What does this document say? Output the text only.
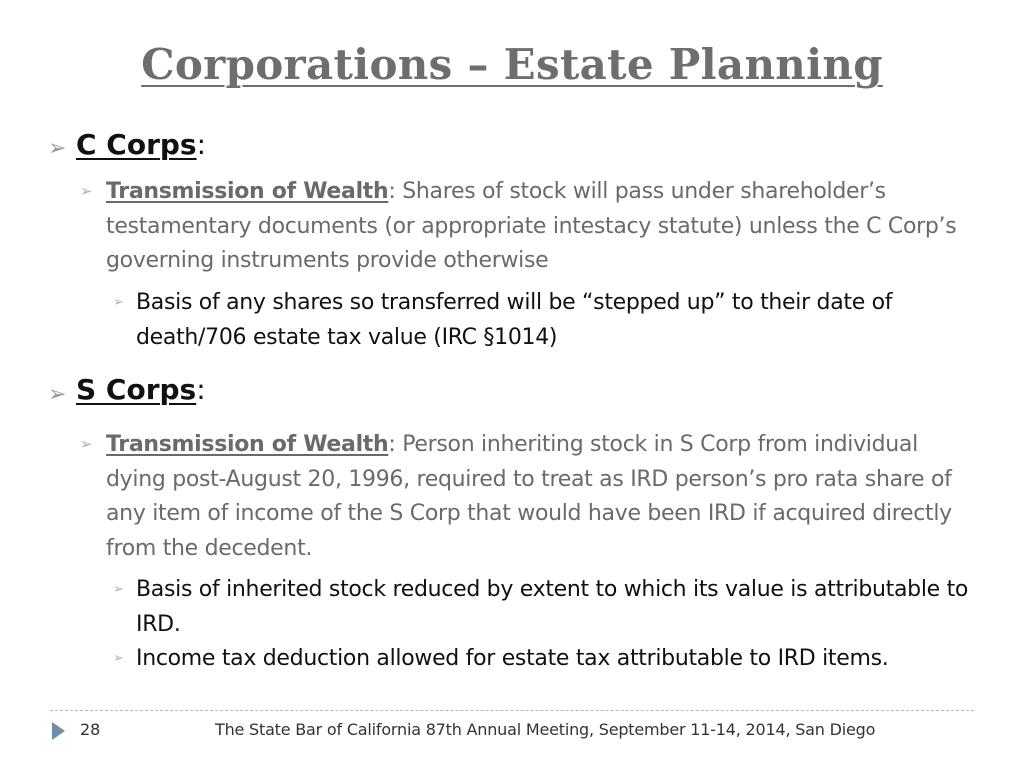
Corporations – Estate Planning
➢ C Corps:
➢ Transmission of Wealth: Shares of stock will pass under shareholder’s testamentary documents (or appropriate intestacy statute) unless the C Corp’s governing instruments provide otherwise
➢ Basis of any shares so transferred will be “stepped up” to their date of death/706 estate tax value (IRC §1014)
➢ S Corps:
➢ Transmission of Wealth: Person inheriting stock in S Corp from individual dying post-August 20, 1996, required to treat as IRD person’s pro rata share of any item of income of the S Corp that would have been IRD if acquired directly from the decedent.
➢ Basis of inherited stock reduced by extent to which its value is attributable to IRD.
➢ Income tax deduction allowed for estate tax attributable to IRD items.
28	The State Bar of California 87th Annual Meeting, September 11-14, 2014, San Diego
